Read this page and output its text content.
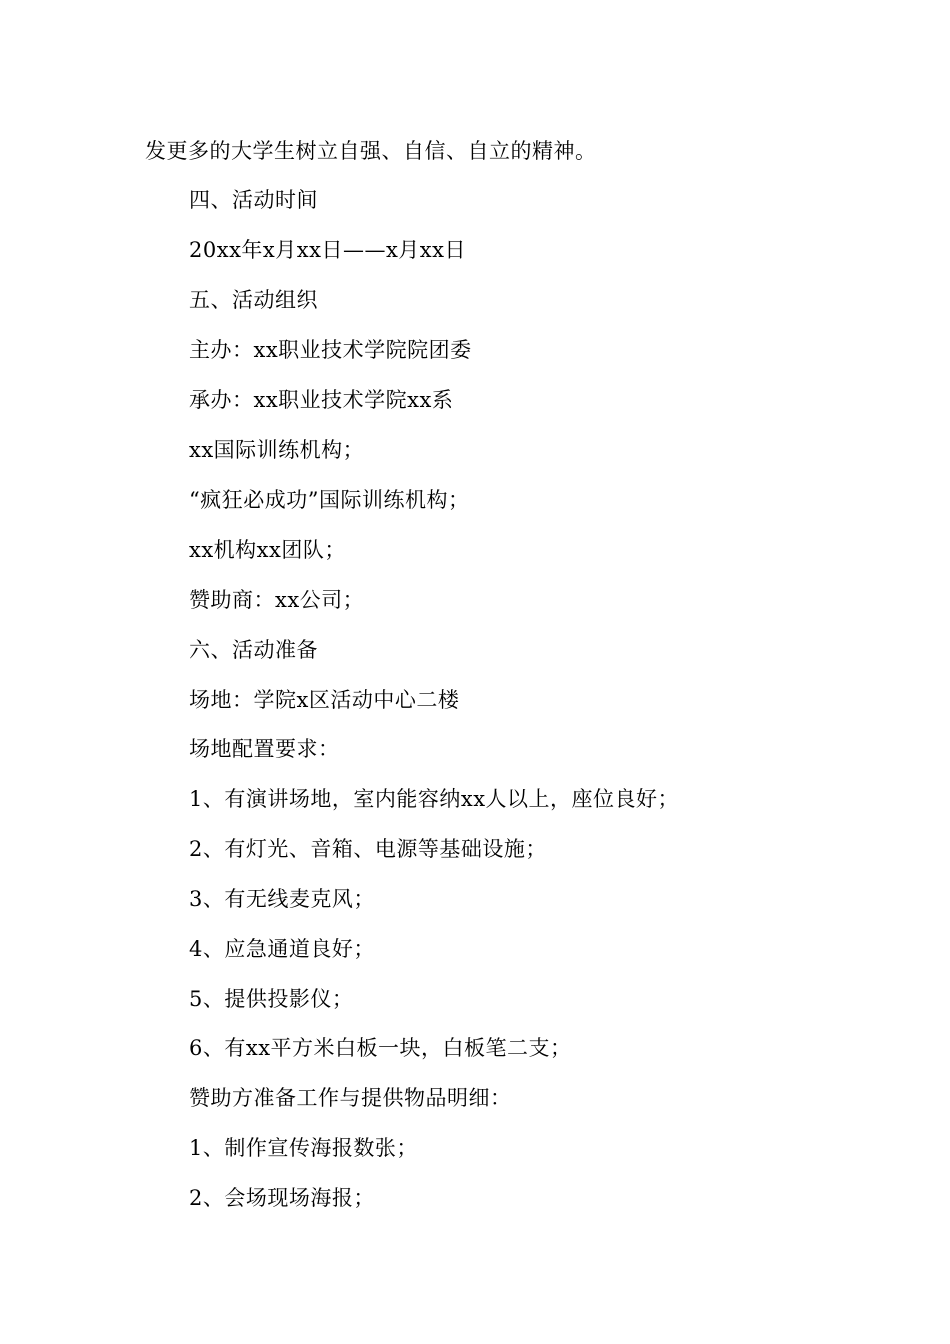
发更多的大学生树立自强、自信、自立的精神。
四、活动时间
20xx年x月xx日——x月xx日
五、活动组织
主办：xx职业技术学院院团委
承办：xx职业技术学院xx系
xx国际训练机构；
“疯狂必成功”国际训练机构；
xx机构xx团队；
赞助商：xx公司；
六、活动准备
场地：学院x区活动中心二楼
场地配置要求：
1、有演讲场地，室内能容纳xx人以上，座位良好；
2、有灯光、音箱、电源等基础设施；
3、有无线麦克风；
4、应急通道良好；
5、提供投影仪；
6、有xx平方米白板一块，白板笔二支；
赞助方准备工作与提供物品明细：
1、制作宣传海报数张；
2、会场现场海报；
